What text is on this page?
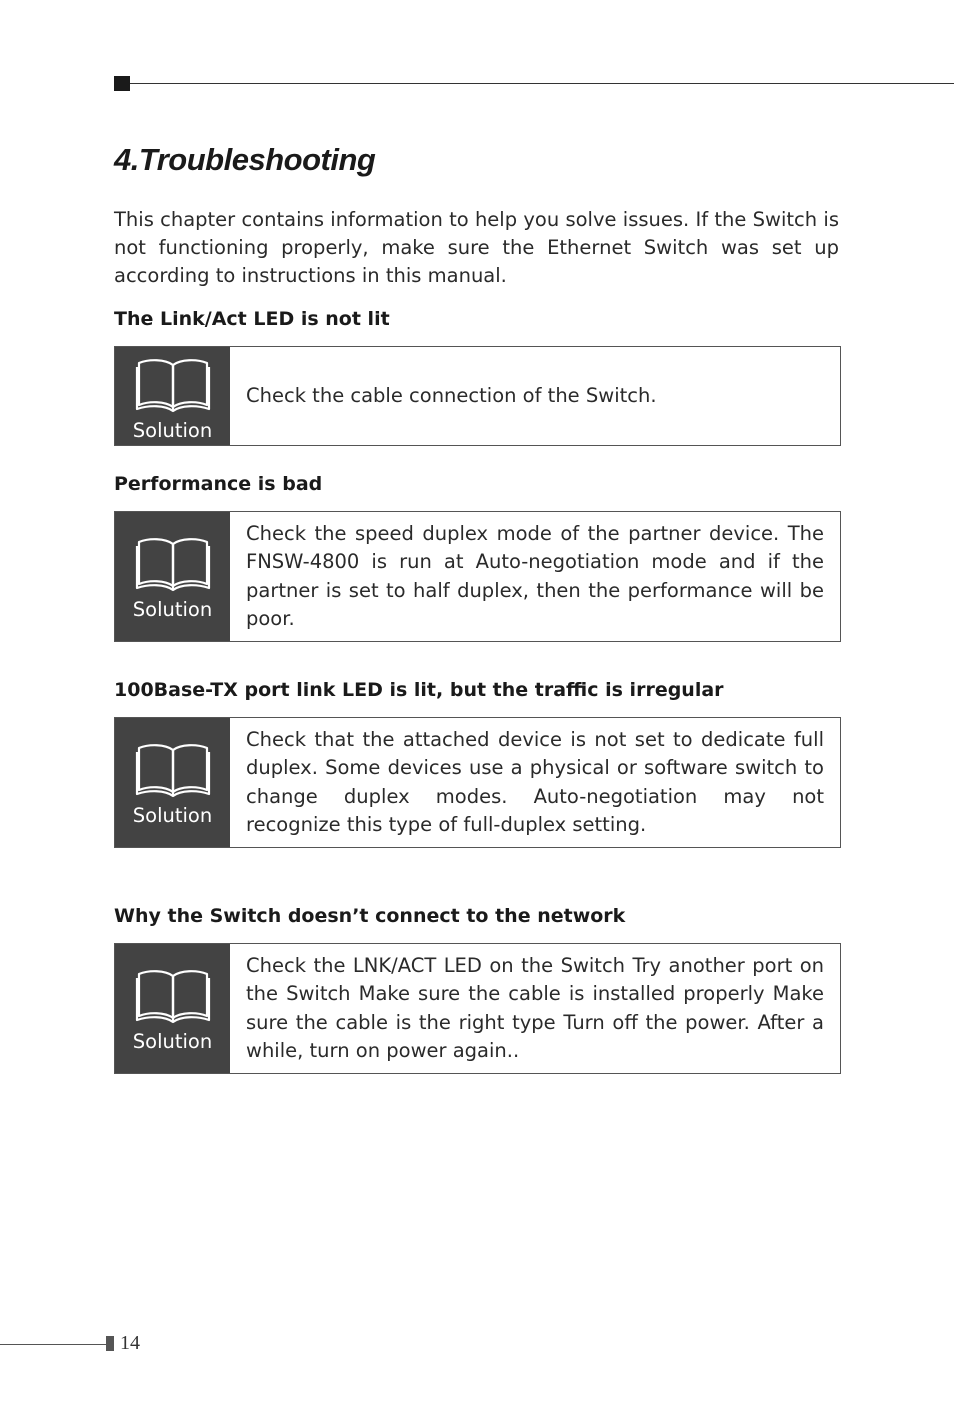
4.Troubleshooting

This chapter contains information to help you solve issues. If the Switch is not functioning properly, make sure the Ethernet Switch was set up according to instructions in this manual.

The Link/Act LED is not lit
Solution

Check the cable connection of the Switch.

Performance is bad
Solution

Check the speed duplex mode of the partner device. The FNSW-4800 is run at Auto-negotiation mode and if the partner is set to half duplex, then the performance will be poor.

100Base-TX port link LED is lit, but the traffic is irregular
Solution

Check that the attached device is not set to dedicate full duplex. Some devices use a physical or software switch to change duplex modes. Auto-negotiation may not recognize this type of full-duplex setting.

Why the Switch doesn’t connect to the network
Solution

Check the LNK/ACT LED on the Switch Try another port on the Switch Make sure the cable is installed properly Make sure the cable is the right type Turn off the power. After a while, turn on power again..

14
